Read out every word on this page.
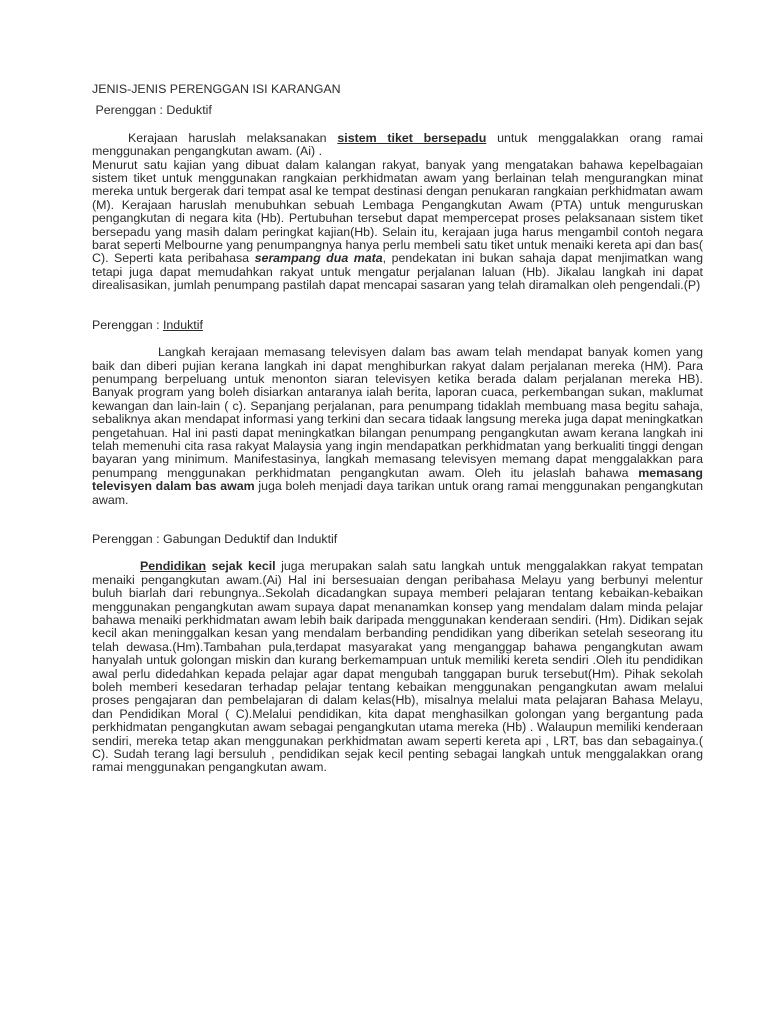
JENIS-JENIS PERENGGAN ISI KARANGAN

Perenggan : Deduktif

Kerajaan haruslah melaksanakan sistem tiket bersepadu untuk menggalakkan orang ramai menggunakan pengangkutan awam. (Ai) .
Menurut satu kajian yang dibuat dalam kalangan rakyat, banyak yang mengatakan bahawa kepelbagaian sistem tiket untuk menggunakan rangkaian perkhidmatan awam yang berlainan telah mengurangkan minat mereka untuk bergerak dari tempat asal ke tempat destinasi dengan penukaran rangkaian perkhidmatan awam (M). Kerajaan haruslah menubuhkan sebuah Lembaga Pengangkutan Awam (PTA) untuk menguruskan pengangkutan di negara kita (Hb). Pertubuhan tersebut dapat mempercepat proses pelaksanaan sistem tiket bersepadu yang masih dalam peringkat kajian(Hb). Selain itu, kerajaan juga harus mengambil contoh negara barat seperti Melbourne yang penumpangnya hanya perlu membeli satu tiket untuk menaiki kereta api dan bas( C). Seperti kata peribahasa serampang dua mata, pendekatan ini bukan sahaja dapat menjimatkan wang tetapi juga dapat memudahkan rakyat untuk mengatur perjalanan laluan (Hb). Jikalau langkah ini dapat direalisasikan, jumlah penumpang pastilah dapat mencapai sasaran yang telah diramalkan oleh pengendali.(P)

Perenggan : Induktif

Langkah kerajaan memasang televisyen dalam bas awam telah mendapat banyak komen yang baik dan diberi pujian kerana langkah ini dapat menghiburkan rakyat dalam perjalanan mereka (HM). Para penumpang berpeluang untuk menonton siaran televisyen ketika berada dalam perjalanan mereka HB). Banyak program yang boleh disiarkan antaranya ialah berita, laporan cuaca, perkembangan sukan, maklumat kewangan dan lain-lain ( c). Sepanjang perjalanan, para penumpang tidaklah membuang masa begitu sahaja, sebaliknya akan mendapat informasi yang terkini dan secara tidaak langsung mereka juga dapat meningkatkan pengetahuan. Hal ini pasti dapat meningkatkan bilangan penumpang pengangkutan awam kerana langkah ini telah memenuhi cita rasa rakyat Malaysia yang ingin mendapatkan perkhidmatan yang berkualiti tinggi dengan bayaran yang minimum. Manifestasinya, langkah memasang televisyen memang dapat menggalakkan para penumpang menggunakan perkhidmatan pengangkutan awam. Oleh itu jelaslah bahawa memasang televisyen dalam bas awam juga boleh menjadi daya tarikan untuk orang ramai menggunakan pengangkutan awam.

Perenggan : Gabungan Deduktif dan Induktif

Pendidikan sejak kecil juga merupakan salah satu langkah untuk menggalakkan rakyat tempatan menaiki pengangkutan awam.(Ai) Hal ini bersesuaian dengan peribahasa Melayu yang berbunyi melentur buluh biarlah dari rebungnya..Sekolah dicadangkan supaya memberi pelajaran tentang kebaikan-kebaikan menggunakan pengangkutan awam supaya dapat menanamkan konsep yang mendalam dalam minda pelajar bahawa menaiki perkhidmatan awam lebih baik daripada menggunakan kenderaan sendiri. (Hm). Didikan sejak kecil akan meninggalkan kesan yang mendalam berbanding pendidikan yang diberikan setelah seseorang itu telah dewasa.(Hm).Tambahan pula,terdapat masyarakat yang menganggap bahawa pengangkutan awam hanyalah untuk golongan miskin dan kurang berkemampuan untuk memiliki kereta sendiri .Oleh itu pendidikan awal perlu didedahkan kepada pelajar agar dapat mengubah tanggapan buruk tersebut(Hm). Pihak sekolah boleh memberi kesedaran terhadap pelajar tentang kebaikan menggunakan pengangkutan awam melalui proses pengajaran dan pembelajaran di dalam kelas(Hb), misalnya melalui mata pelajaran Bahasa Melayu, dan Pendidikan Moral ( C).Melalui pendidikan, kita dapat menghasilkan golongan yang bergantung pada perkhidmatan pengangkutan awam sebagai pengangkutan utama mereka (Hb) . Walaupun memiliki kenderaan sendiri, mereka tetap akan menggunakan perkhidmatan awam seperti kereta api , LRT, bas dan sebagainya.( C). Sudah terang lagi bersuluh , pendidikan sejak kecil penting sebagai langkah untuk menggalakkan orang ramai menggunakan pengangkutan awam.
